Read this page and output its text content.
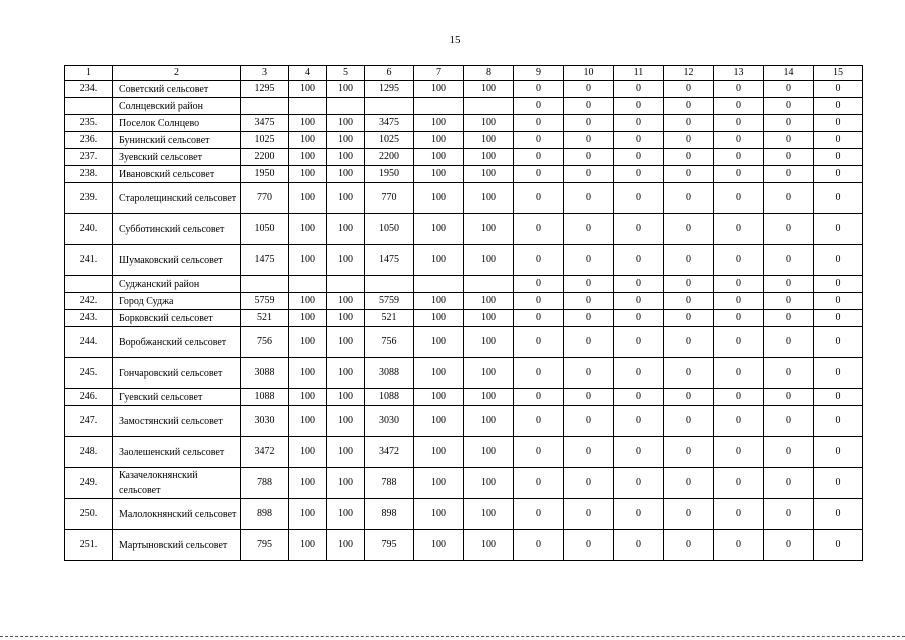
15
1	2	3	4	5	6	7	8	9	10	11	12	13	14	15
234.	Советский сельсовет	1295	100	100	1295	100	100	0	0	0	0	0	0	0
	Солнцевский район							0	0	0	0	0	0	0
235.	Поселок Солнцево	3475	100	100	3475	100	100	0	0	0	0	0	0	0
236.	Бунинский сельсовет	1025	100	100	1025	100	100	0	0	0	0	0	0	0
237.	Зуевский сельсовет	2200	100	100	2200	100	100	0	0	0	0	0	0	0
238.	Ивановский сельсовет	1950	100	100	1950	100	100	0	0	0	0	0	0	0
239.	Старолещинский сельсовет	770	100	100	770	100	100	0	0	0	0	0	0	0
240.	Субботинский сельсовет	1050	100	100	1050	100	100	0	0	0	0	0	0	0
241.	Шумаковский сельсовет	1475	100	100	1475	100	100	0	0	0	0	0	0	0
	Суджанский район							0	0	0	0	0	0	0
242.	Город Суджа	5759	100	100	5759	100	100	0	0	0	0	0	0	0
243.	Борковский сельсовет	521	100	100	521	100	100	0	0	0	0	0	0	0
244.	Воробжанский сельсовет	756	100	100	756	100	100	0	0	0	0	0	0	0
245.	Гончаровский сельсовет	3088	100	100	3088	100	100	0	0	0	0	0	0	0
246.	Гуевский сельсовет	1088	100	100	1088	100	100	0	0	0	0	0	0	0
247.	Замостянский сельсовет	3030	100	100	3030	100	100	0	0	0	0	0	0	0
248.	Заолешенский сельсовет	3472	100	100	3472	100	100	0	0	0	0	0	0	0
249.	Казачелокнянский сельсовет	788	100	100	788	100	100	0	0	0	0	0	0	0
250.	Малолокнянский сельсовет	898	100	100	898	100	100	0	0	0	0	0	0	0
251.	Мартыновский сельсовет	795	100	100	795	100	100	0	0	0	0	0	0	0
